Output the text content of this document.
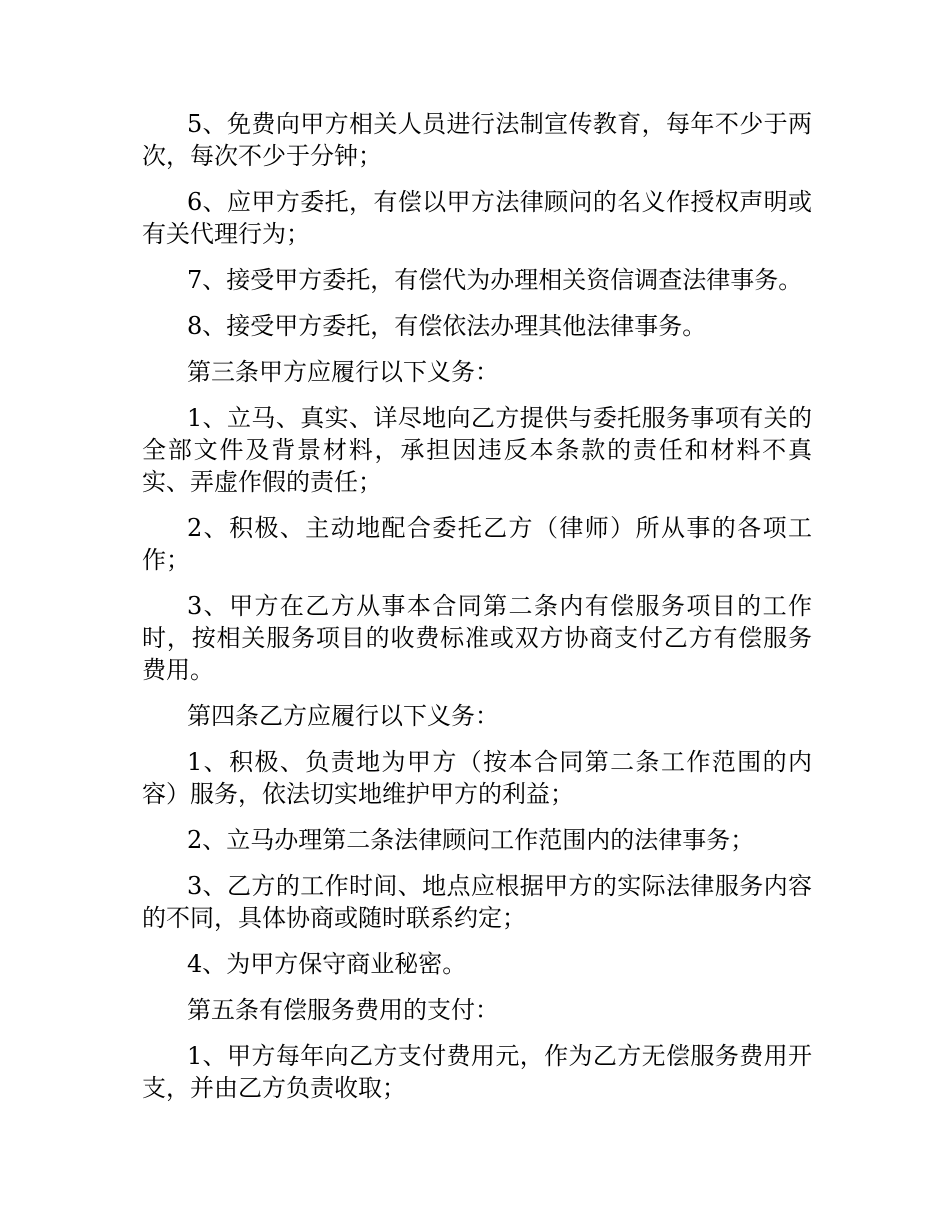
5、免费向甲方相关人员进行法制宣传教育，每年不少于两次，每次不少于分钟；

6、应甲方委托，有偿以甲方法律顾问的名义作授权声明或有关代理行为；

7、接受甲方委托，有偿代为办理相关资信调查法律事务。

8、接受甲方委托，有偿依法办理其他法律事务。

第三条甲方应履行以下义务：

1、立马、真实、详尽地向乙方提供与委托服务事项有关的全部文件及背景材料，承担因违反本条款的责任和材料不真实、弄虚作假的责任；

2、积极、主动地配合委托乙方（律师）所从事的各项工作；

3、甲方在乙方从事本合同第二条内有偿服务项目的工作时，按相关服务项目的收费标准或双方协商支付乙方有偿服务费用。

第四条乙方应履行以下义务：

1、积极、负责地为甲方（按本合同第二条工作范围的内容）服务，依法切实地维护甲方的利益；

2、立马办理第二条法律顾问工作范围内的法律事务；

3、乙方的工作时间、地点应根据甲方的实际法律服务内容的不同，具体协商或随时联系约定；

4、为甲方保守商业秘密。

第五条有偿服务费用的支付：

1、甲方每年向乙方支付费用元，作为乙方无偿服务费用开支，并由乙方负责收取；
